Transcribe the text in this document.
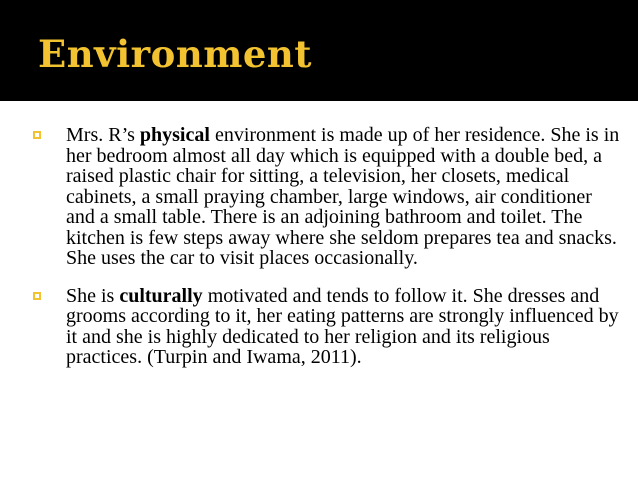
Environment
Mrs. R’s physical environment is made up of her residence. She is in her bedroom almost all day which is equipped with a double bed, a raised plastic chair for sitting, a television, her closets, medical cabinets, a small praying chamber, large windows, air conditioner and a small table. There is an adjoining bathroom and toilet. The kitchen is few steps away where she seldom prepares tea and snacks. She uses the car to visit places occasionally.
She is culturally motivated and tends to follow it. She dresses and grooms according to it, her eating patterns are strongly influenced by it and she is highly dedicated to her religion and its religious practices. (Turpin and Iwama, 2011).
